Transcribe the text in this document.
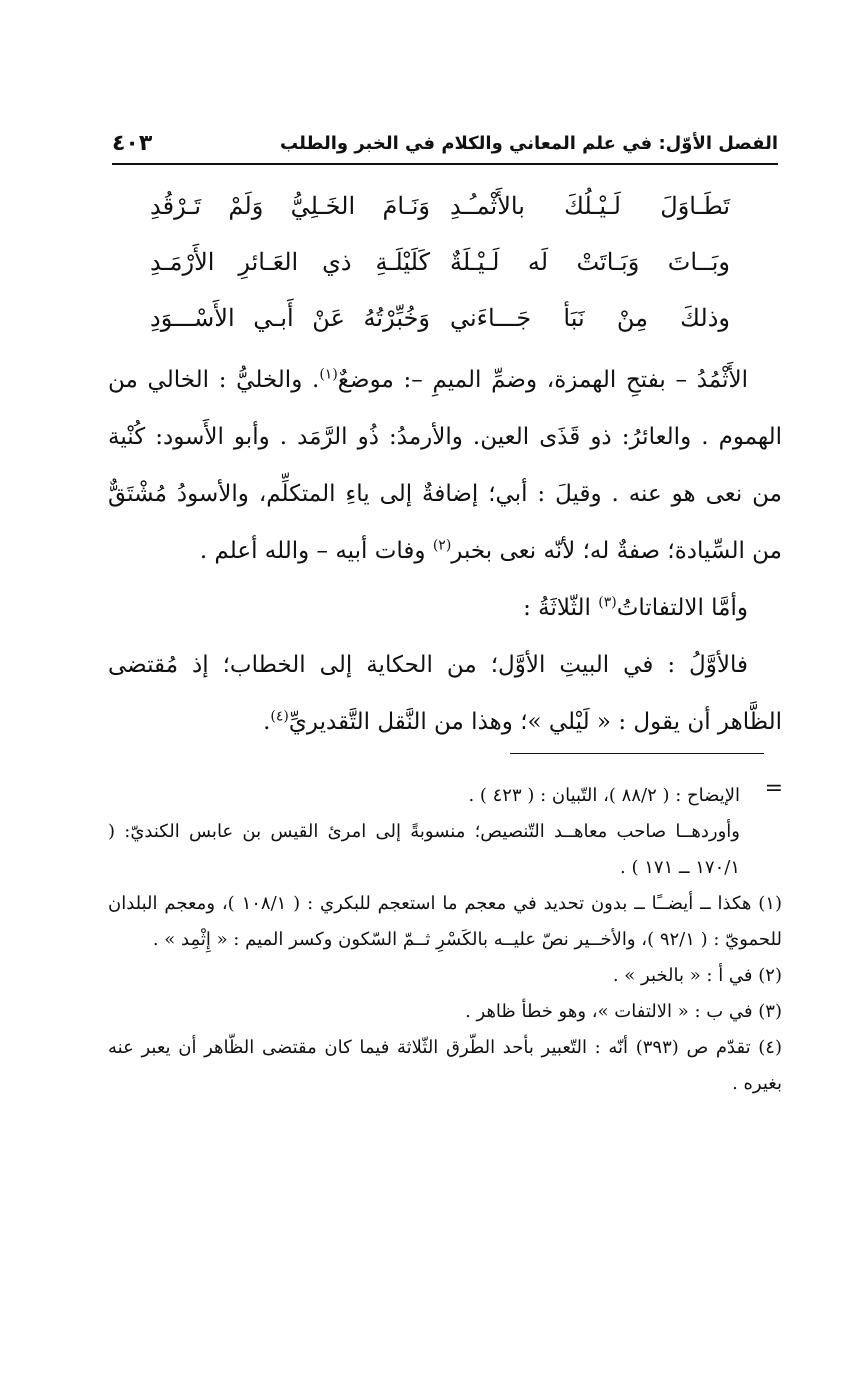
الفصل الأوّل: في علم المعاني والكلام في الخبر والطلب
٤٠٣
تَطَـاوَلَ لَـيْـلُكَ بالأَثْمـُـدِ
وَنَـامَ الخَـلِيُّ وَلَمْ تَـرْقُدِ
وبَــاتَ وَبَـاتَتْ لَه لَـيْـلَةٌ
كَلَيْلَـةِ ذي العَـائرِ الأَرْمَـدِ
وذلكَ مِنْ نَبَأ جَـــاءَني
وَخُبِّرْتُهُ عَنْ أَبـي الأَسْـــوَدِ

الأَثْمُدُ – بفتحِ الهمزة، وضمِّ الميمِ –: موضعٌ$^{(١)}$. والخليُّ : الخالي من الهموم . والعائرُ: ذو قَذَى العين. والأرمدُ: ذُو الرَّمَد . وأبو الأَسود: كُنْية من نعى هو عنه . وقيلَ : أبي؛ إضافةٌ إلى ياءِ المتكلِّم، والأسودُ مُشْتَقٌّ من السِّيادة؛ صفةٌ له؛ لأنّه نعى بخبر$^{(٢)}$ وفات أبيه – والله أعلم .

وأمَّا الالتفاتاتُ$^{(٣)}$ الثّلاثَةُ :

فالأوَّلُ : في البيتِ الأوَّل؛ من الحكاية إلى الخطاب؛ إذ مُقتضى الظَّاهر أن يقول : « لَيْلي »؛ وهذا من النَّقل التَّقديريِّ$^{(٤)}$.

=

الإيضاح : ( ٨٨/٢ )، التّبيان : ( ٤٢٣ ) .

وأوردهــا صاحب معاهــد التّنصيص؛ منسوبةً إلى امرئ القيس بن عابس الكنديّ: ( ١٧٠/١ ــ ١٧١ ) .

(١) هكذا ــ أيضــًا ــ بدون تحديد في معجم ما استعجم للبكري : ( ١٠٨/١ )، ومعجم البلدان للحمويّ : ( ٩٢/١ )، والأخــير نصّ عليــه بالكَسْرِ ثــمّ السّكون وكسر الميم : « إِثْمِد » .

(٢) في أ : « بالخبر » .

(٣) في ب : « الالتفات »، وهو خطأ ظاهر .

(٤) تقدّم ص (٣٩٣) أنّه : التّعبير بأحد الطّرق الثّلاثة فيما كان مقتضى الظّاهر أن يعبر عنه بغيره .
